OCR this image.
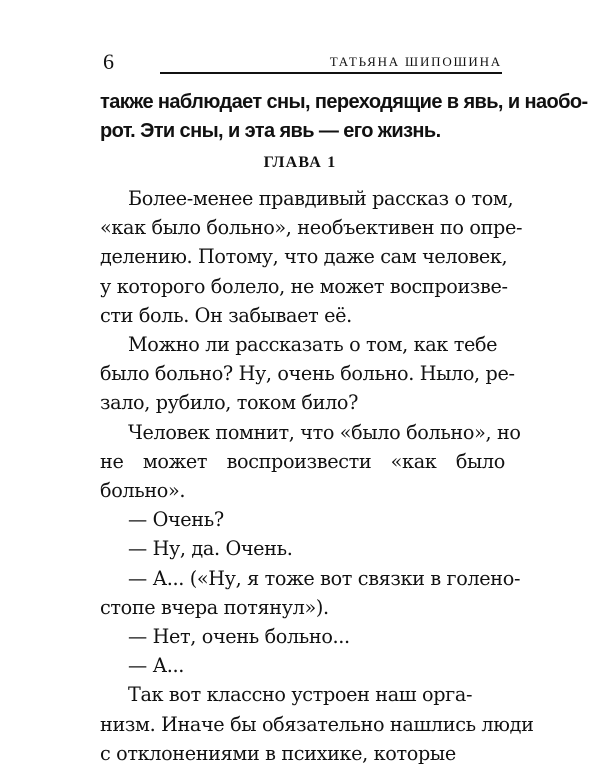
6	ТАТЬЯНА ШИПОШИНА
также наблюдает сны, переходящие в явь, и наобо-
рот. Эти сны, и эта явь — его жизнь.
ГЛАВА 1
Более-менее правдивый рассказ о том,
«как было больно», необъективен по опре-
делению. Потому, что даже сам человек,
у которого болело, не может воспроизве-
сти боль. Он забывает её.
Можно ли рассказать о том, как тебе
было больно? Ну, очень больно. Ныло, ре-
зало, рубило, током било?
Человек помнит, что «было больно», но
не может воспроизвести «как было
больно».
— Очень?
— Ну, да. Очень.
— А... («Ну, я тоже вот связки в голено-
стопе вчера потянул»).
— Нет, очень больно...
— А...
Так вот классно устроен наш орга-
низм. Иначе бы обязательно нашлись люди
с отклонениями в психике, которые
